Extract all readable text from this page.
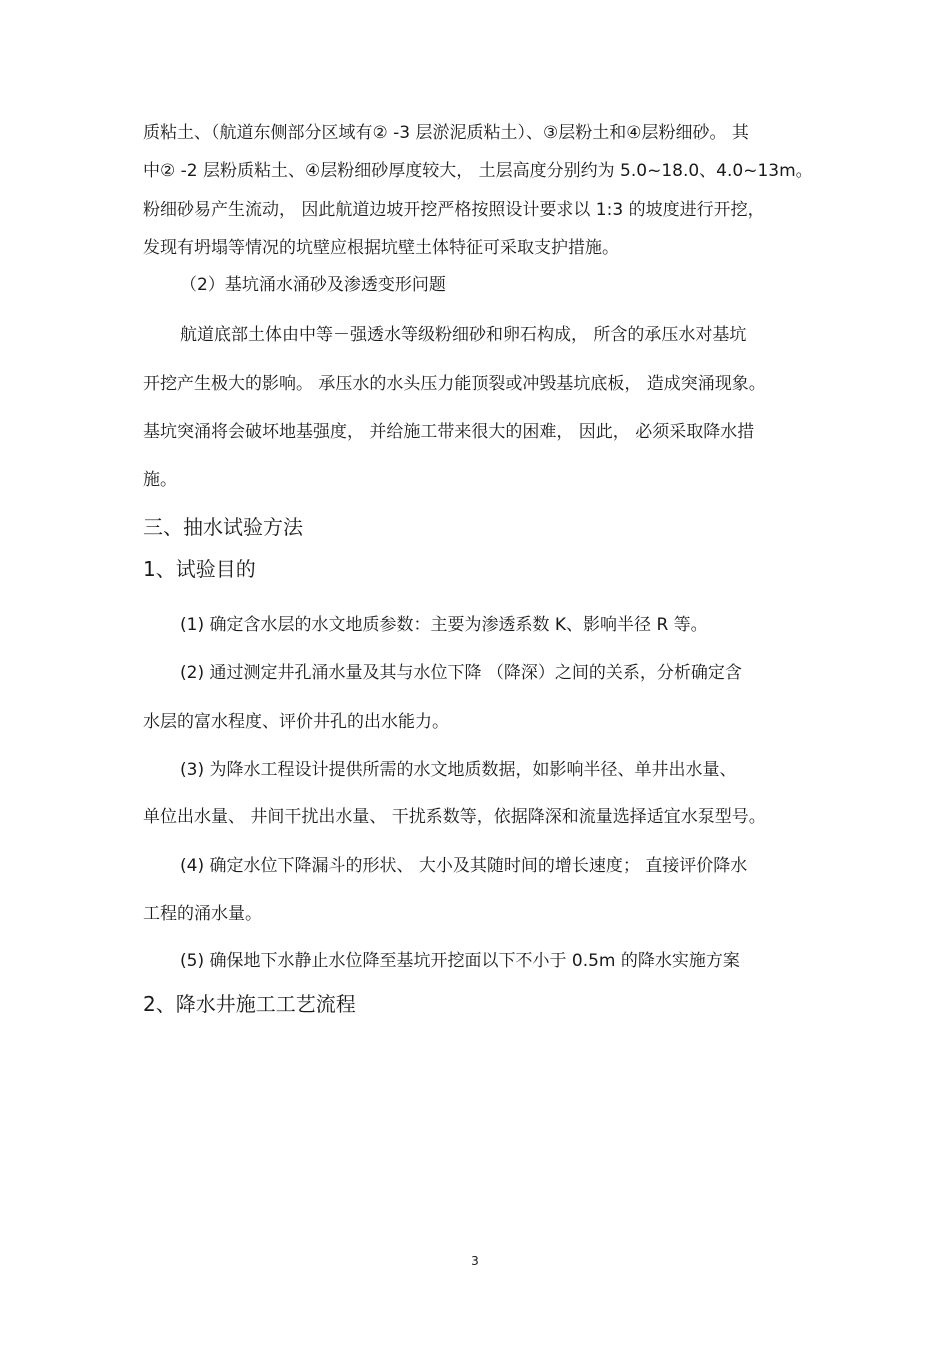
质粘土、（航道东侧部分区域有② -3 层淤泥质粘土）、③层粉土和④层粉细砂。 其
中② -2 层粉质粘土、④层粉细砂厚度较大， 土层高度分别约为 5.0~18.0、4.0~13m。
粉细砂易产生流动， 因此航道边坡开挖严格按照设计要求以 1:3 的坡度进行开挖，
发现有坍塌等情况的坑壁应根据坑壁土体特征可采取支护措施。
（2）基坑涌水涌砂及渗透变形问题
航道底部土体由中等－强透水等级粉细砂和卵石构成， 所含的承压水对基坑
开挖产生极大的影响。 承压水的水头压力能顶裂或冲毁基坑底板， 造成突涌现象。
基坑突涌将会破坏地基强度， 并给施工带来很大的困难， 因此， 必须采取降水措
施。
三、抽水试验方法
1、试验目的
(1) 确定含水层的水文地质参数：主要为渗透系数 K、影响半径 R 等。
(2) 通过测定井孔涌水量及其与水位下降 （降深）之间的关系，分析确定含
水层的富水程度、评价井孔的出水能力。
(3) 为降水工程设计提供所需的水文地质数据，如影响半径、单井出水量、
单位出水量、 井间干扰出水量、 干扰系数等，依据降深和流量选择适宜水泵型号。
(4) 确定水位下降漏斗的形状、 大小及其随时间的增长速度； 直接评价降水
工程的涌水量。
(5) 确保地下水静止水位降至基坑开挖面以下不小于 0.5m 的降水实施方案
2、降水井施工工艺流程
3
